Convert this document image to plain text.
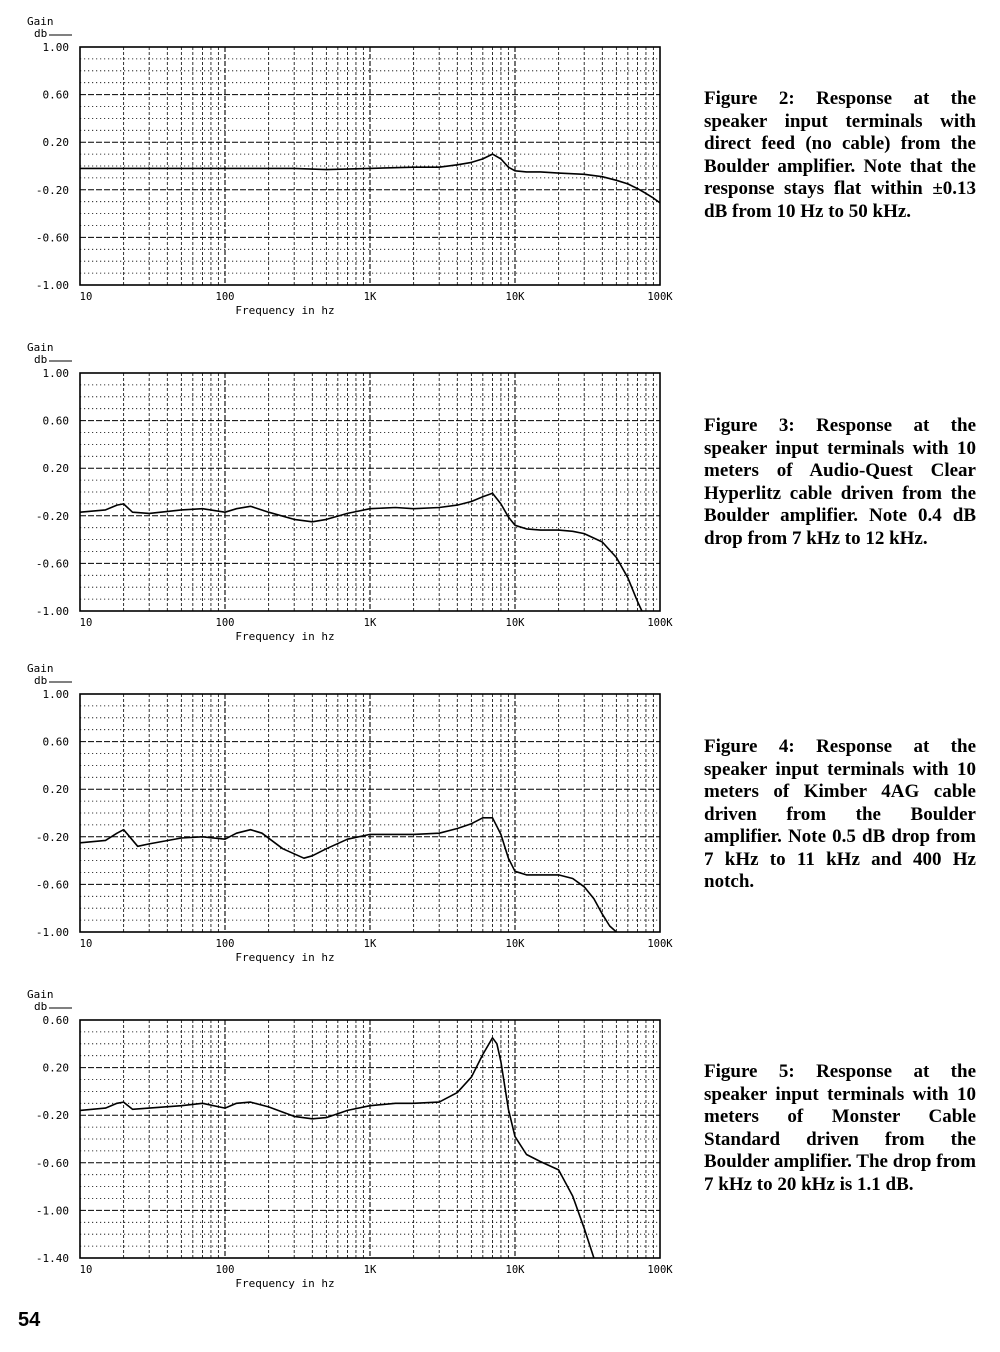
1.00
0.60
0.20
-0.20
-0.60
-1.00
10	100	1K	10K	100K
Gain
db
Frequency in hz
1.00
0.60
0.20
-0.20
-0.60
-1.00
10	100	1K	10K	100K
Gain
db
Frequency in hz
1.00
0.60
0.20
-0.20
-0.60
-1.00
10	100	1K	10K	100K
Gain
db
Frequency in hz
0.60
0.20
-0.20
-0.60
-1.00
-1.40
10	100	1K	10K	100K
Gain
db
Frequency in hz

Figure 2: Response at the speaker input terminals with direct feed (no cable) from the Boulder amplifier. Note that the response stays flat within ±0.13 dB from 10 Hz to 50 kHz.

Figure 3: Response at the speaker input terminals with 10 meters of Audio-Quest Clear Hyperlitz cable driven from the Boulder amplifier. Note 0.4 dB drop from 7 kHz to 12 kHz.

Figure 4: Response at the speaker input terminals with 10 meters of Kimber 4AG cable driven from the Boulder amplifier. Note 0.5 dB drop from 7 kHz to 11 kHz and 400 Hz notch.

Figure 5: Response at the speaker input terminals with 10 meters of Monster Cable Standard driven from the Boulder amplifier. The drop from 7 kHz to 20 kHz is 1.1 dB.

54
